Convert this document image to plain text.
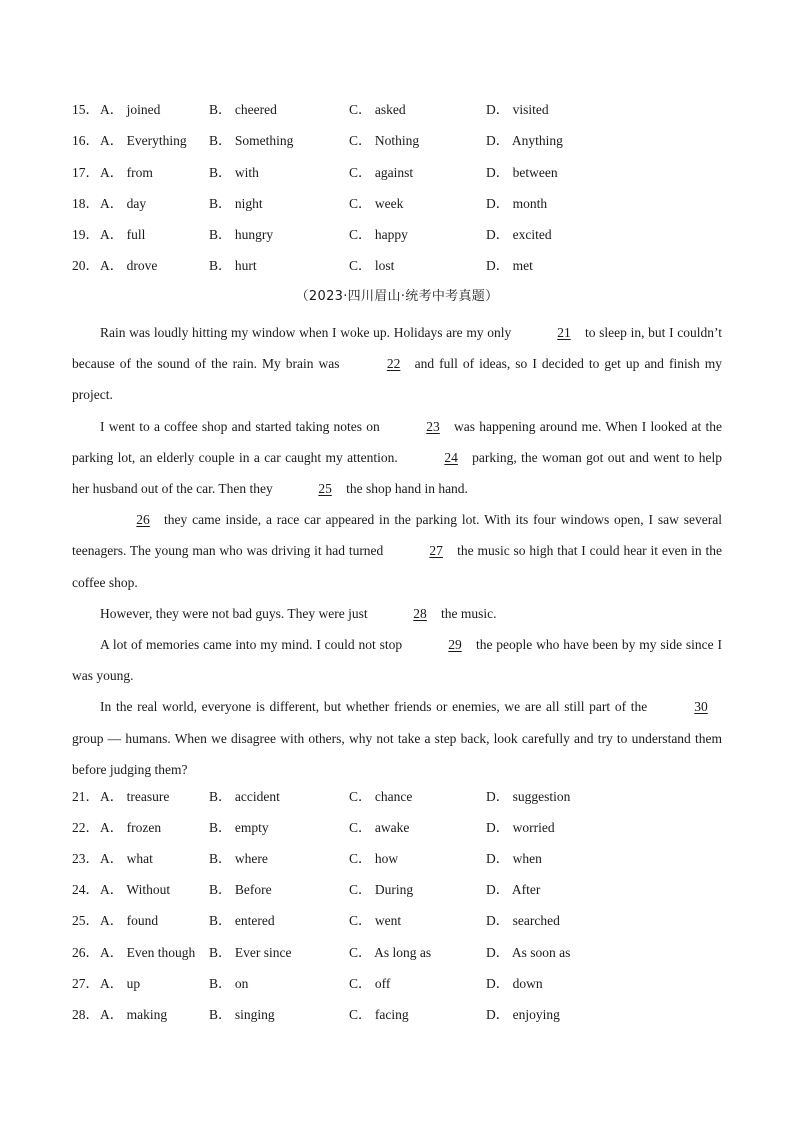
15． A． joined	B． cheered	C． asked	D． visited
16． A． Everything B． Something	C． Nothing	D． Anything
17． A． from	B． with	C． against	D． between
18． A． day	B． night	C． week	D． month
19． A． full	B． hungry	C． happy	D． excited
20． A． drove	B． hurt	C． lost	D． met
（2023·四川眉山·统考中考真题）

Rain was loudly hitting my window when I woke up. Holidays are my only	21 to sleep in, but I couldn’t because of the sound of the rain. My brain was	22 and full of ideas, so I decided to get up and finish my project.

I went to a coffee shop and started taking notes on	23 was happening around me. When I looked at the parking lot, an elderly couple in a car caught my attention.	24 parking, the woman got out and went to help her husband out of the car. Then they	25 the shop hand in hand.

26 they came inside, a race car appeared in the parking lot. With its four windows open, I saw several teenagers. The young man who was driving it had turned	27 the music so high that I could hear it even in the coffee shop.

However, they were not bad guys. They were just	28 the music.

A lot of memories came into my mind. I could not stop	29 the people who have been by my side since I was young.

In the real world, everyone is different, but whether friends or enemies, we are all still part of the	30group — humans. When we disagree with others, why not take a step back, look carefully and try to understand them before judging them?

21． A． treasure	B． accident	C． chance	D． suggestion
22． A． frozen	B． empty	C． awake	D． worried
23． A． what	B． where	C． how	D． when
24． A． Without	B． Before	C． During	D． After
25． A． found	B． entered	C． went	D． searched
26． A． Even though B． Ever since	C． As long as	D． As soon as
27． A． up	B． on	C． off	D． down
28． A． making	B． singing	C． facing	D． enjoying
